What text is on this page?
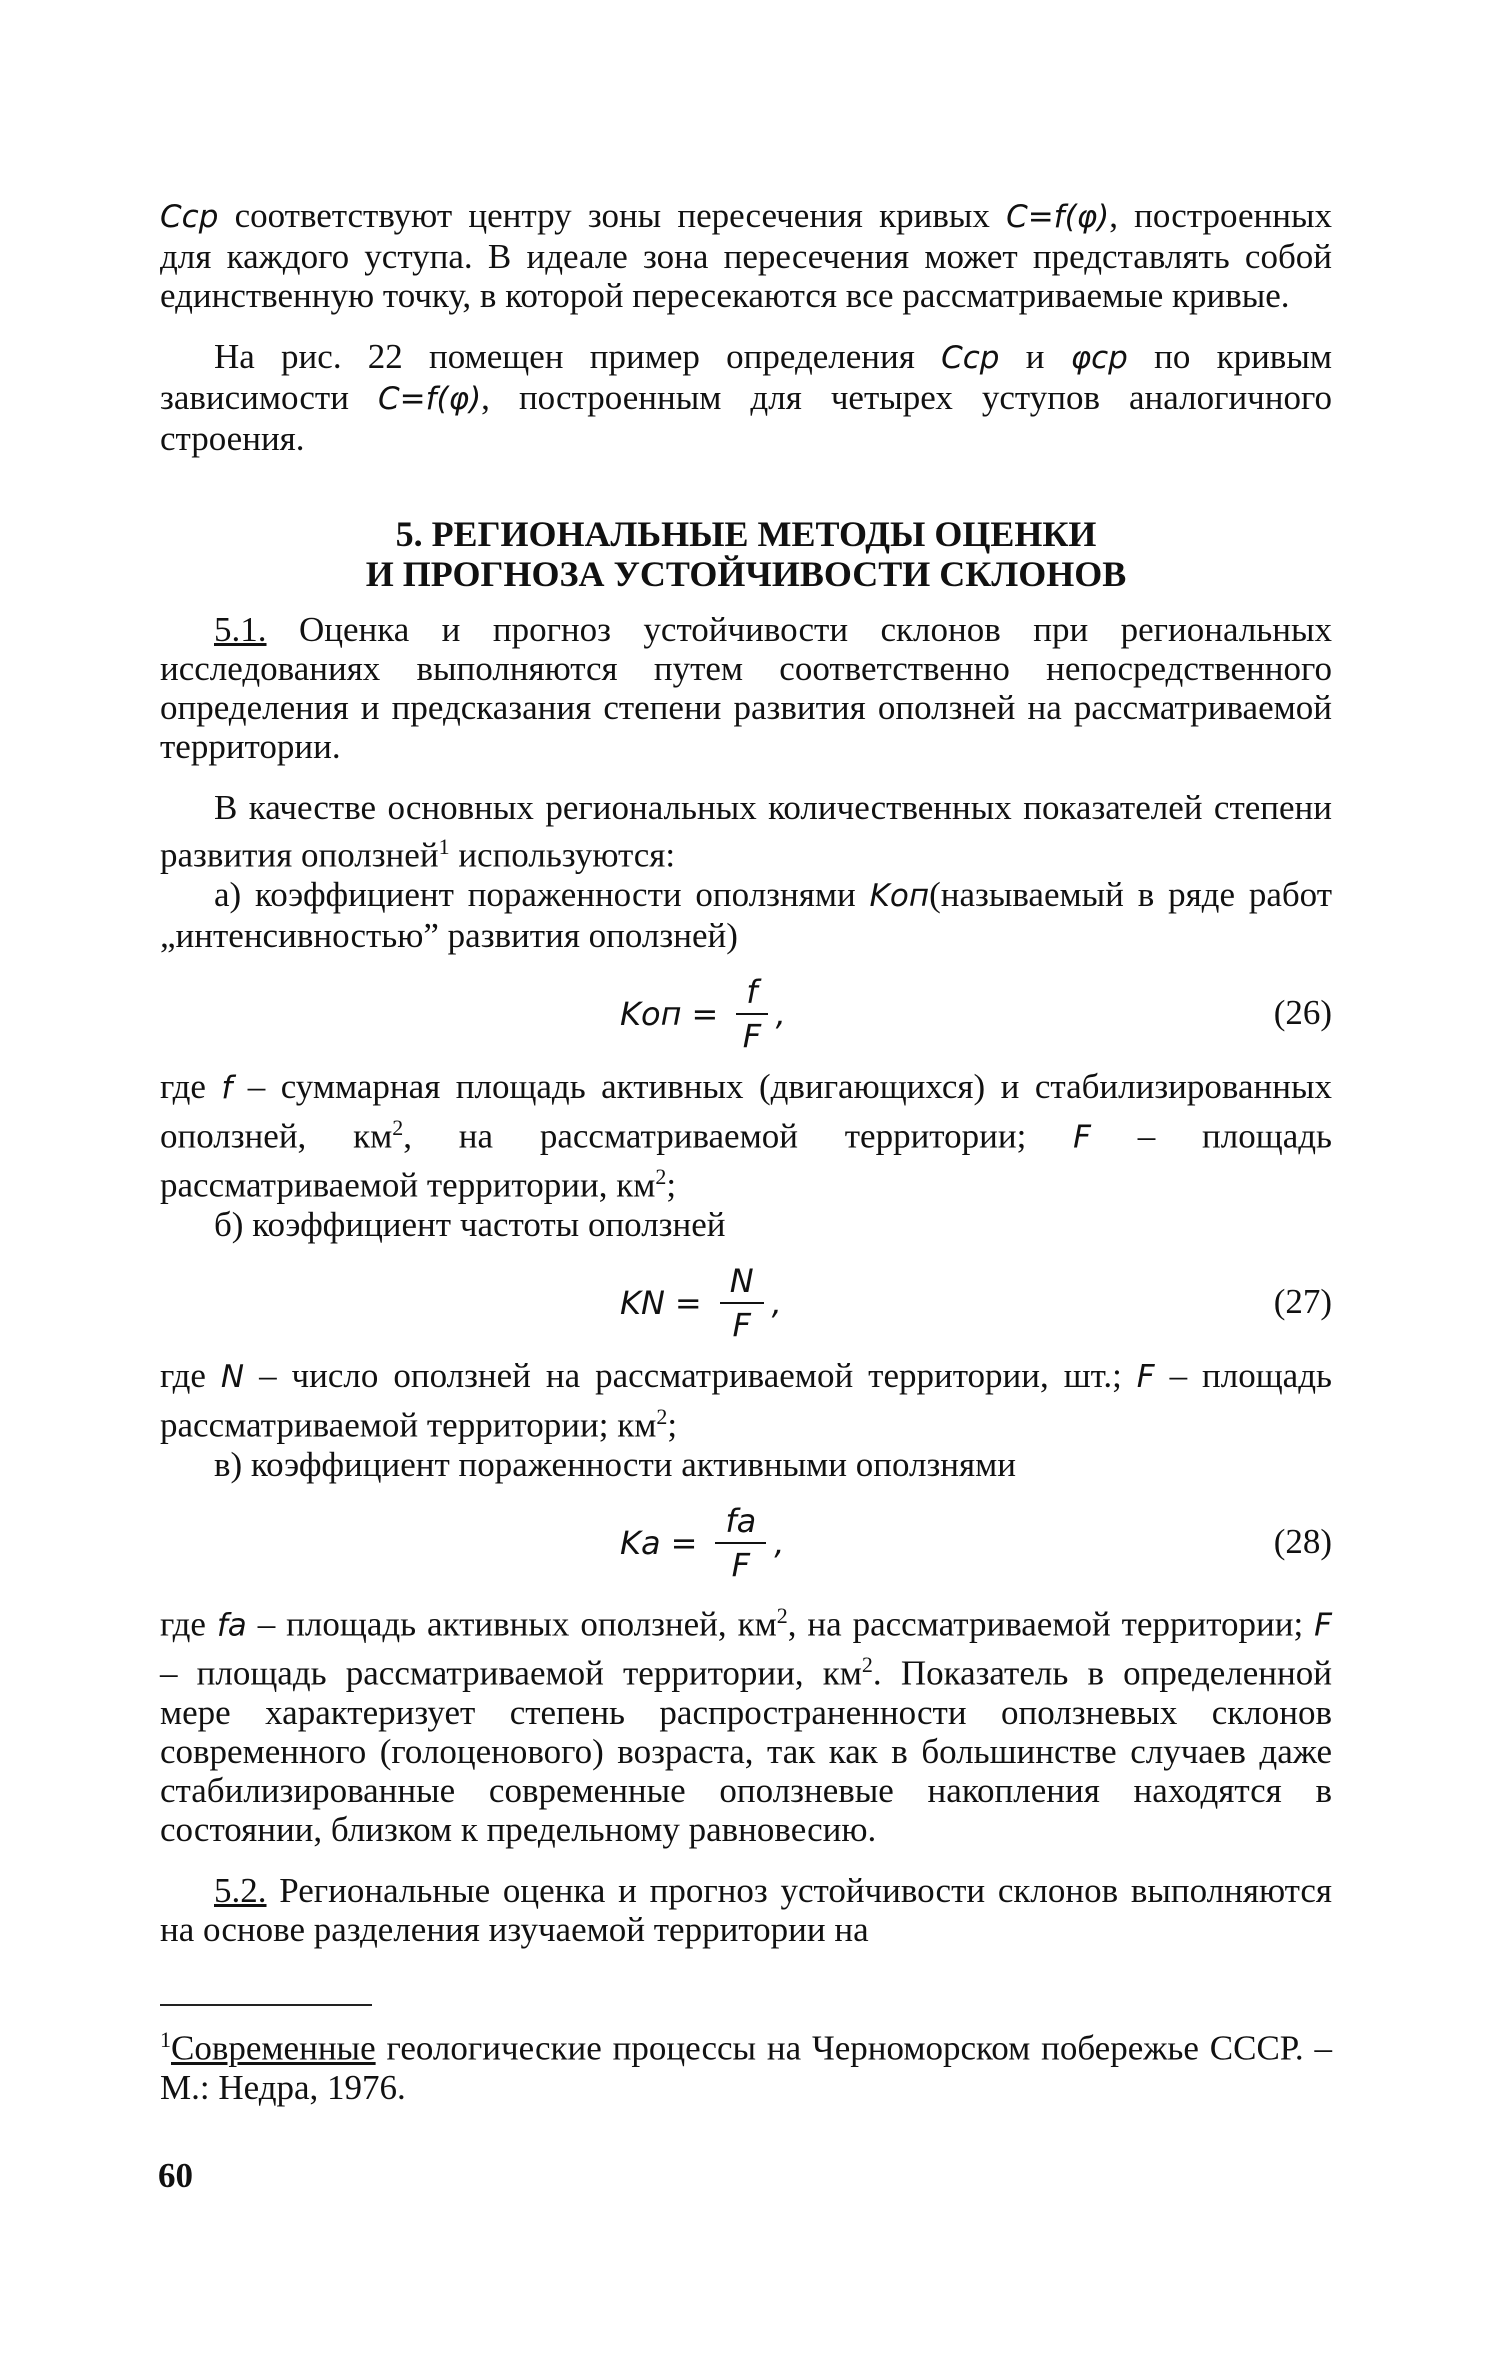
Cср соответствуют центру зоны пересечения кривых C=f(φ), построенных для каждого уступа. В идеале зона пересечения может представлять собой единственную точку, в которой пересекаются все рассматриваемые кривые.

На рис. 22 помещен пример определения Cср и φср по кривым зависимости C=f(φ), построенным для четырех уступов аналогичного строения.

5. РЕГИОНАЛЬНЫЕ МЕТОДЫ ОЦЕНКИ
И ПРОГНОЗА УСТОЙЧИВОСТИ СКЛОНОВ

5.1. Оценка и прогноз устойчивости склонов при региональных исследованиях выполняются путем соответственно непосредственного определения и предсказания степени развития оползней на рассматриваемой территории.

В качестве основных региональных количественных показателей степени развития оползней$^1$ используются:

а) коэффициент пораженности оползнями Kоп(называемый в ряде работ „интенсивностью” развития оползней)

Kоп = $\frac{f}{F}$ ,	(26)

где f – суммарная площадь активных (двигающихся) и стабилизированных оползней, $км^2$, на рассматриваемой территории; F – площадь рассматриваемой территории, $км^2$;

б) коэффициент частоты оползней

KN = $\frac{N}{F}$ ,	(27)

где N – число оползней на рассматриваемой территории, шт.; F – площадь рассматриваемой территории; $км^2$;

в) коэффициент пораженности активными оползнями

Kа = $\frac{fа}{F}$ ,	(28)

где fа – площадь активных оползней, $км^2$, на рассматриваемой территории; F – площадь рассматриваемой территории, $км^2$. Показатель в определенной мере характеризует степень распространенности оползневых склонов современного (голоценового) возраста, так как в большинстве случаев даже стабилизированные современные оползневые накопления находятся в состоянии, близком к предельному равновесию.

5.2. Региональные оценка и прогноз устойчивости склонов выполняются на основе разделения изучаемой территории на

$^1$Современные геологические процессы на Черноморском побережье СССР. – М.: Недра, 1976.

60
